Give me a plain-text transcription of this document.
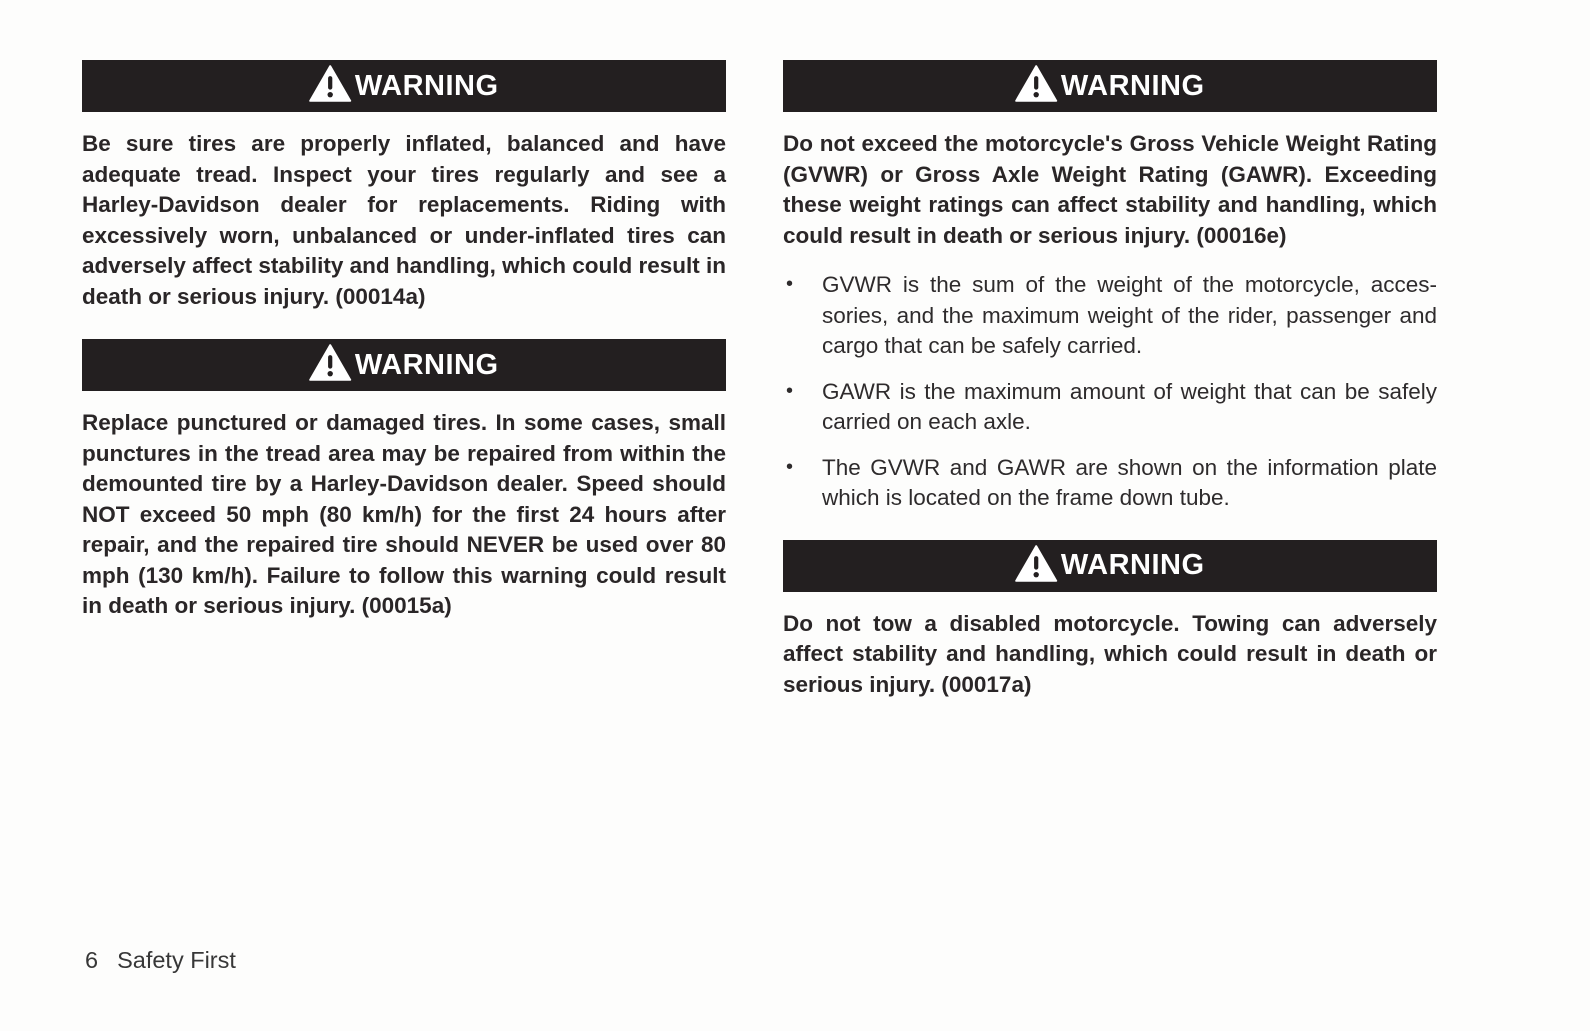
WARNING

Be sure tires are properly inflated, balanced and have adequate tread. Inspect your tires regularly and see a Harley-Davidson dealer for replacements. Riding with excessively worn, unbalanced or under-inflated tires can adversely affect stability and handling, which could result in death or serious injury. (00014a)

WARNING

Replace punctured or damaged tires. In some cases, small punctures in the tread area may be repaired from within the demounted tire by a Harley-Davidson dealer. Speed should NOT exceed 50 mph (80 km/h) for the first 24 hours after repair, and the repaired tire should NEVER be used over 80 mph (130 km/h). Failure to follow this warning could result in death or serious injury. (00015a)

WARNING

Do not exceed the motorcycle's Gross Vehicle Weight Rating (GVWR) or Gross Axle Weight Rating (GAWR). Exceeding these weight ratings can affect stability and handling, which could result in death or serious injury. (00016e)

• GVWR is the sum of the weight of the motorcycle, accessories, and the maximum weight of the rider, passenger and cargo that can be safely carried.
• GAWR is the maximum amount of weight that can be safely carried on each axle.
• The GVWR and GAWR are shown on the information plate which is located on the frame down tube.
WARNING

Do not tow a disabled motorcycle. Towing can adversely affect stability and handling, which could result in death or serious injury. (00017a)

6 Safety First
